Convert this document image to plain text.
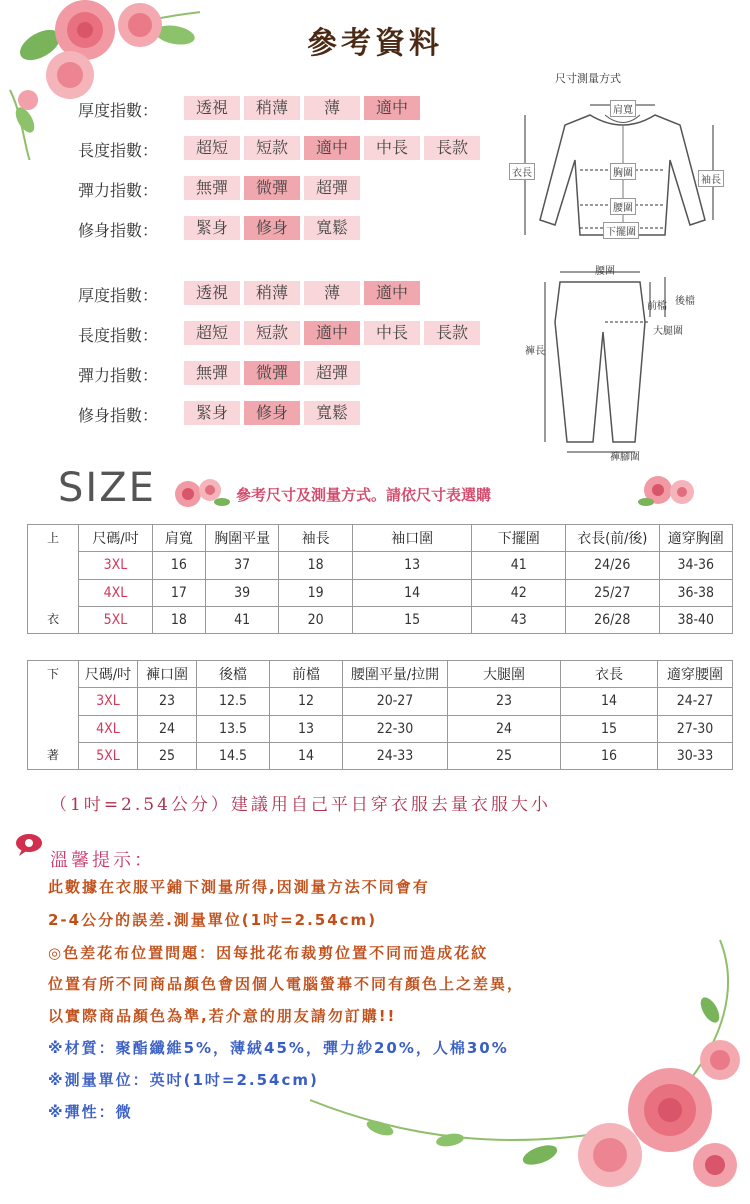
參考資料
厚度指數：	透視	稍薄	薄	適中
長度指數：	超短	短款	適中	中長	長款
彈力指數：	無彈	微彈	超彈
修身指數：	緊身	修身	寬鬆
厚度指數：	透視	稍薄	薄	適中
長度指數：	超短	短款	適中	中長	長款
彈力指數：	無彈	微彈	超彈
修身指數：	緊身	修身	寬鬆
尺寸測量方式
肩寬
衣長	胸圍
袖長
腰圍
下擺圍
腰圍
前檔 後檔
大腿圍
褲長
褲腳圍
SIZE	參考尺寸及測量方式。請依尺寸表選購
上
衣	尺碼/吋	肩寬	胸圍平量	袖長	袖口圍	下擺圍	衣長(前/後)	適穿胸圍
	3XL	16	37	18	13	41	24/26	34-36
	4XL	17	39	19	14	42	25/27	36-38
	5XL	18	41	20	15	43	26/28	38-40
下
著	尺碼/吋	褲口圍	後檔	前檔	腰圍平量/拉開	大腿圍	衣長	適穿腰圍
	3XL	23	12.5	12	20-27	23	14	24-27
	4XL	24	13.5	13	22-30	24	15	27-30
	5XL	25	14.5	14	24-33	25	16	30-33
（1吋=2.54公分）建議用自己平日穿衣服去量衣服大小
溫馨提示：
此數據在衣服平鋪下測量所得,因測量方法不同會有
2-4公分的誤差.測量單位(1吋=2.54cm)
◎色差花布位置問題：因每批花布裁剪位置不同而造成花紋
位置有所不同商品顏色會因個人電腦螢幕不同有顏色上之差異，
以實際商品顏色為準,若介意的朋友請勿訂購!!
※材質：聚酯纖維5%，薄絨45%，彈力紗20%，人棉30%
※測量單位：英吋(1吋=2.54cm)
※彈性：微
